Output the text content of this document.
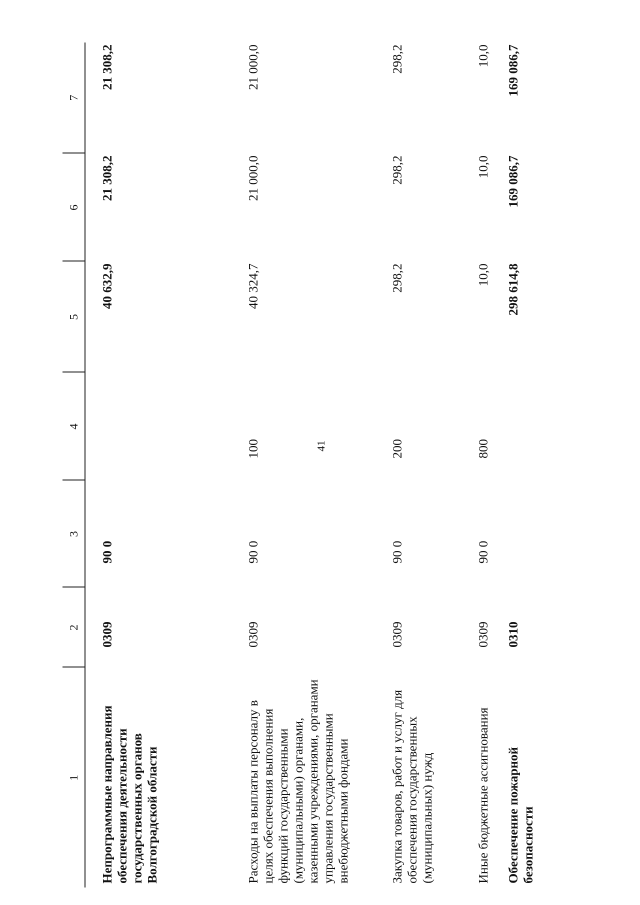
41
1	2	3	4	5	6	7
Непрограммные направления обеспечения деятельности государственных органов Волгоградской области	0309	90 0		40 632,9	21 308,2	21 308,2
Расходы на выплаты персоналу в целях обеспечения выполнения функций государственными (муниципальными) органами, казенными учреждениями, органами управления государственными внебюджетными фондами	0309	90 0	100	40 324,7	21 000,0	21 000,0
Закупка товаров, работ и услуг для обеспечения государственных (муниципальных) нужд	0309	90 0	200	298,2	298,2	298,2
Иные бюджетные ассигнования	0309	90 0	800	10,0	10,0	10,0
Обеспечение пожарной безопасности	0310			298 614,8	169 086,7	169 086,7
